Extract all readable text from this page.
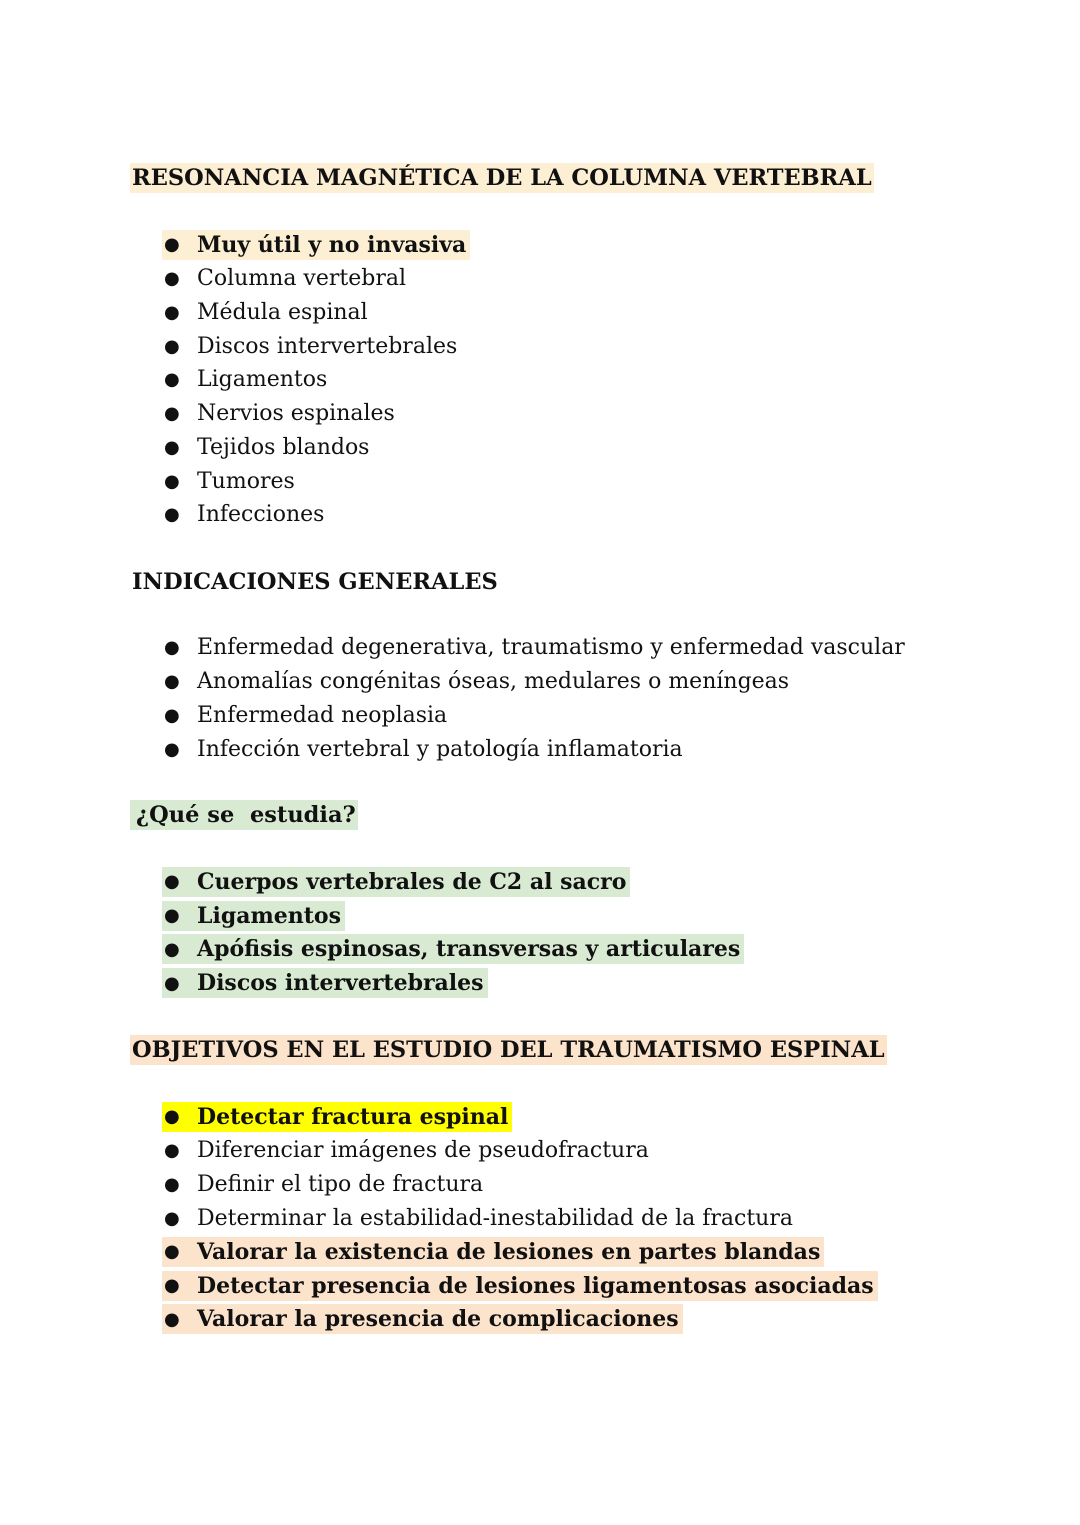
RESONANCIA MAGNÉTICA DE LA COLUMNA VERTEBRAL
● Muy útil y no invasiva
● Columna vertebral
● Médula espinal
● Discos intervertebrales
● Ligamentos
● Nervios espinales
● Tejidos blandos
● Tumores
● Infecciones
INDICACIONES GENERALES
● Enfermedad degenerativa, traumatismo y enfermedad vascular
● Anomalías congénitas óseas, medulares o meníngeas
● Enfermedad neoplasia
● Infección vertebral y patología inflamatoria
¿Qué se  estudia?
● Cuerpos vertebrales de C2 al sacro
● Ligamentos
● Apófisis espinosas, transversas y articulares
● Discos intervertebrales
OBJETIVOS EN EL ESTUDIO DEL TRAUMATISMO ESPINAL
● Detectar fractura espinal
● Diferenciar imágenes de pseudofractura
● Definir el tipo de fractura
● Determinar la estabilidad-inestabilidad de la fractura
● Valorar la existencia de lesiones en partes blandas
● Detectar presencia de lesiones ligamentosas asociadas
● Valorar la presencia de complicaciones
